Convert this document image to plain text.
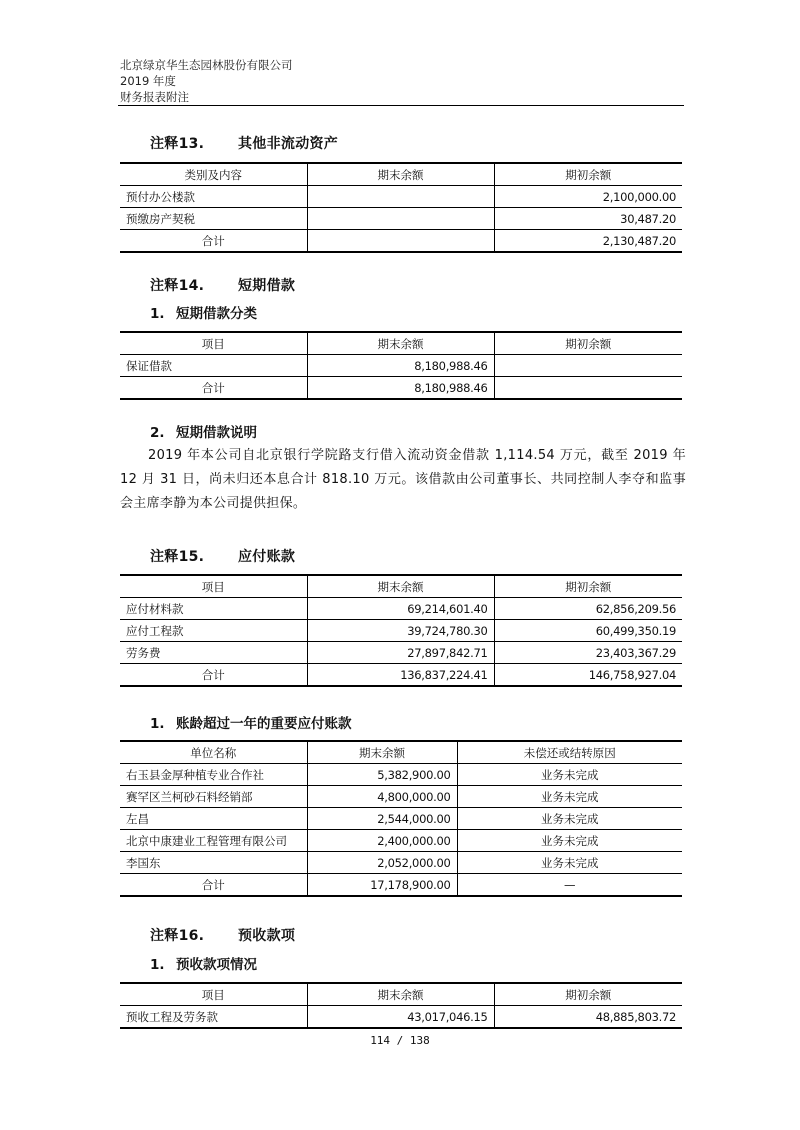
北京绿京华生态园林股份有限公司
2019 年度
财务报表附注
注释13. 其他非流动资产
类别及内容	期末余额	期初余额
预付办公楼款		2,100,000.00
预缴房产契税		30,487.20
合计		2,130,487.20
注释14. 短期借款
1. 短期借款分类
项目	期末余额	期初余额
保证借款	8,180,988.46	
合计	8,180,988.46	
2. 短期借款说明
2019 年本公司自北京银行学院路支行借入流动资金借款 1,114.54 万元，截至 2019 年 12 月 31 日，尚未归还本息合计 818.10 万元。该借款由公司董事长、共同控制人李夺和监事会主席李静为本公司提供担保。
注释15. 应付账款
项目	期末余额	期初余额
应付材料款	69,214,601.40	62,856,209.56
应付工程款	39,724,780.30	60,499,350.19
劳务费	27,897,842.71	23,403,367.29
合计	136,837,224.41	146,758,927.04
1. 账龄超过一年的重要应付账款
单位名称	期末余额	未偿还或结转原因
右玉县金厚种植专业合作社	5,382,900.00	业务未完成
赛罕区兰柯砂石料经销部	4,800,000.00	业务未完成
左昌	2,544,000.00	业务未完成
北京中康建业工程管理有限公司	2,400,000.00	业务未完成
李国东	2,052,000.00	业务未完成
合计	17,178,900.00	—
注释16. 预收款项
1. 预收款项情况
项目	期末余额	期初余额
预收工程及劳务款	43,017,046.15	48,885,803.72
114 / 138
